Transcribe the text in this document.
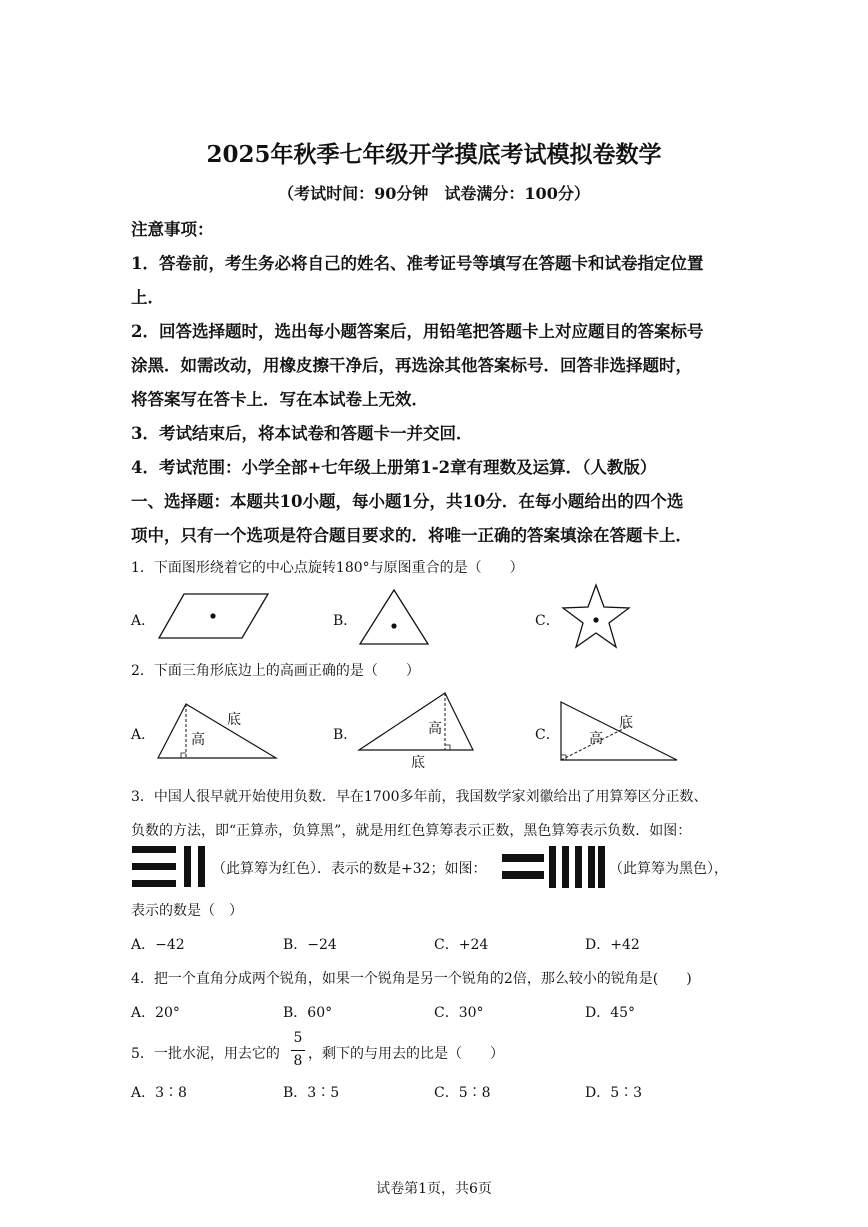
2025年秋季七年级开学摸底考试模拟卷数学
（考试时间：90分钟　试卷满分：100分）
注意事项：
1．答卷前，考生务必将自己的姓名、准考证号等填写在答题卡和试卷指定位置
上．
2．回答选择题时，选出每小题答案后，用铅笔把答题卡上对应题目的答案标号
涂黑．如需改动，用橡皮擦干净后，再选涂其他答案标号．回答非选择题时，
将答案写在答卡上．写在本试卷上无效．
3．考试结束后，将本试卷和答题卡一并交回．
4．考试范围：小学全部+七年级上册第1-2章有理数及运算．（人教版）
一、选择题：本题共10小题，每小题1分，共10分．在每小题给出的四个选
项中，只有一个选项是符合题目要求的．将唯一正确的答案填涂在答题卡上．
1．下面图形绕着它的中心点旋转180°与原图重合的是（　　）
A．	B．	C．
2．下面三角形底边上的高画正确的是（　　）
A．
底
高	B．	高
底
C．
底
高
3．中国人很早就开始使用负数．早在1700多年前，我国数学家刘徽给出了用算筹区分正数、
负数的方法，即“正算赤，负算黑”，就是用红色算筹表示正数，黑色算筹表示负数．如图：
（此算筹为红色）．表示的数是+32；如图：	（此算筹为黑色），
表示的数是（　）
A．−42	B．−24	C．+24	D．+42
4．把一个直角分成两个锐角，如果一个锐角是另一个锐角的2倍，那么较小的锐角是(　　)
A．20°	B．60°	C．30°	D．45°
5．一批水泥，用去它的
5
8 ，剩下的与用去的比是（　　）
A．3∶8	B．3∶5	C．5∶8	D．5∶3
试卷第1页，共6页
